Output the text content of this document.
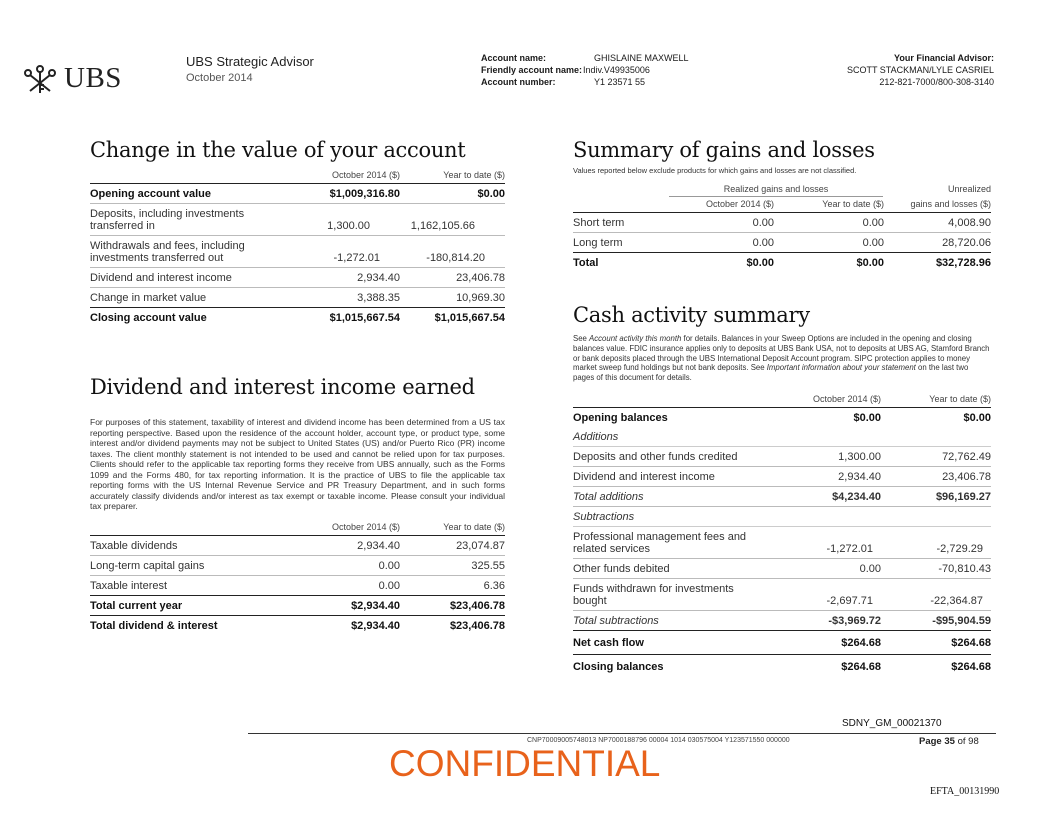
UBS
UBS Strategic Advisor
October 2014
Account name:	GHISLAINE MAXWELL
Friendly account name:Indiv.V49935006
Account number:	Y1 23571 55
Your Financial Advisor:
SCOTT STACKMAN/LYLE CASRIEL
212-821-7000/800-308-3140
Change in the value of your account
October 2014 ($)	Year to date ($)
Opening account value	$1,009,316.80	$0.00
Deposits, including investments transferred in	1,300.00	1,162,105.66
Withdrawals and fees, including investments transferred out	-1,272.01	-180,814.20
Dividend and interest income	2,934.40	23,406.78
Change in market value	3,388.35	10,969.30
Closing account value	$1,015,667.54	$1,015,667.54
Dividend and interest income earned
For purposes of this statement, taxability of interest and dividend income has been determined from a US tax reporting perspective. Based upon the residence of the account holder, account type, or product type, some interest and/or dividend payments may not be subject to United States (US) and/or Puerto Rico (PR) income taxes. The client monthly statement is not intended to be used and cannot be relied upon for tax purposes. Clients should refer to the applicable tax reporting forms they receive from UBS annually, such as the Forms 1099 and the Forms 480, for tax reporting information. It is the practice of UBS to file the applicable tax reporting forms with the US Internal Revenue Service and PR Treasury Department, and in such forms accurately classify dividends and/or interest as tax exempt or taxable income. Please consult your individual tax preparer.
October 2014 ($)	Year to date ($)
Taxable dividends	2,934.40	23,074.87
Long-term capital gains	0.00	325.55
Taxable interest	0.00	6.36
Total current year	$2,934.40	$23,406.78
Total dividend & interest	$2,934.40	$23,406.78
Summary of gains and losses
Values reported below exclude products for which gains and losses are not classified.
Realized gains and losses	Unrealized
October 2014 ($)	Year to date ($)	gains and losses ($)
Short term	0.00	0.00	4,008.90
Long term	0.00	0.00	28,720.06
Total	$0.00	$0.00	$32,728.96
Cash activity summary
See Account activity this month for details. Balances in your Sweep Options are included in the opening and closing balances value. FDIC insurance applies only to deposits at UBS Bank USA, not to deposits at UBS AG, Stamford Branch or bank deposits placed through the UBS International Deposit Account program. SIPC protection applies to money market sweep fund holdings but not bank deposits. See Important information about your statement on the last two pages of this document for details.
October 2014 ($)	Year to date ($)
Opening balances	$0.00	$0.00
Additions
Deposits and other funds credited	1,300.00	72,762.49
Dividend and interest income	2,934.40	23,406.78
Total additions	$4,234.40	$96,169.27
Subtractions
Professional management fees and related services	-1,272.01	-2,729.29
Other funds debited	0.00	-70,810.43
Funds withdrawn for investments bought	-2,697.71	-22,364.87
Total subtractions	-$3,969.72	-$95,904.59
Net cash flow	$264.68	$264.68
Closing balances	$264.68	$264.68
SDNY_GM_00021370
CNP70009005748013 NP7000188796 00004 1014 030575004 Y123571550 000000	Page 35 of 98
CONFIDENTIAL
EFTA_00131990
